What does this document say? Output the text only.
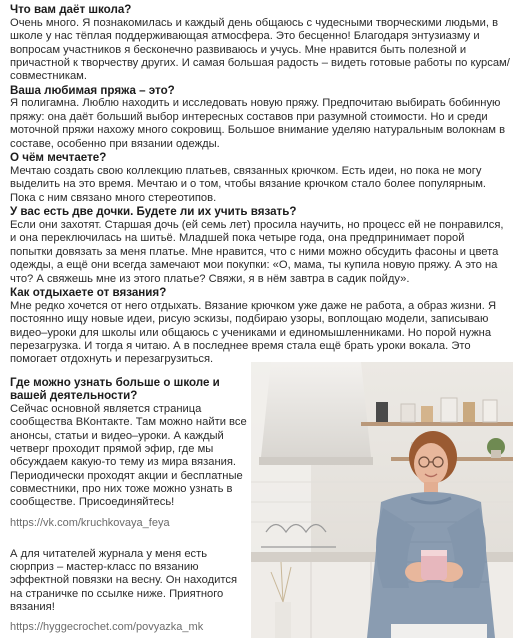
Что вам даёт школа?

Очень много. Я познакомилась и каждый день общаюсь с чудесными творческими людьми, в школе у нас тёплая поддерживающая атмосфера. Это бесценно! Благодаря энтузиазму и вопросам участников я бесконечно развиваюсь и учусь. Мне нравится быть полезной и причастной к творчеству других. И самая большая радость – видеть готовые работы по курсам/совместникам.

Ваша любимая пряжа – это?

Я полигамна. Люблю находить и исследовать новую пряжу. Предпочитаю выбирать бобинную пряжу: она даёт больший выбор интересных составов при разумной стоимости. Но и среди моточной пряжи нахожу много сокровищ. Большое внимание уделяю натуральным волокнам в составе, особенно при вязании одежды.

О чём мечтаете?

Мечтаю создать свою коллекцию платьев, связанных крючком. Есть идеи, но пока не могу выделить на это время. Мечтаю и о том, чтобы вязание крючком стало более популярным. Пока с ним связано много стереотипов.

У вас есть две дочки. Будете ли их учить вязать?

Если они захотят. Старшая дочь (ей семь лет) просила научить, но процесс ей не понравился, и она переключилась на шитьё. Младшей пока четыре года, она предпринимает порой попытки довязать за меня платье. Мне нравится, что с ними можно обсудить фасоны и цвета одежды, а ещё они всегда замечают мои покупки: «О, мама, ты купила новую пряжу. А это на что? А свяжешь мне из этого платье? Свяжи, я в нём завтра в садик пойду».

Как отдыхаете от вязания?

Мне редко хочется от него отдыхать. Вязание крючком уже даже не работа, а образ жизни. Я постоянно ищу новые идеи, рисую эскизы, подбираю узоры, воплощаю модели, записываю видео–уроки для школы или общаюсь с учениками и единомышленниками. Но порой нужна перезагрузка. И тогда я читаю. А в последнее время стала ещё брать уроки вокала. Это помогает отдохнуть и перезагрузиться.

Где можно узнать больше о школе и вашей деятельности?

Сейчас основной является страница сообщества ВКонтакте. Там можно найти все анонсы, статьи и видео–уроки. А каждый четверг проходит прямой эфир, где мы обсуждаем какую-то тему из мира вязания. Периодически проходят акции и бесплатные совместники, про них тоже можно узнать в сообществе. Присоединяйтесь!

https://vk.com/kruchkovaya_feya

А для читателей журнала у меня есть сюрприз – мастер-класс по вязанию эффектной повязки на весну. Он находится на страничке по ссылке ниже. Приятного вязания!

https://hyggecrochet.com/povyazka_mk
